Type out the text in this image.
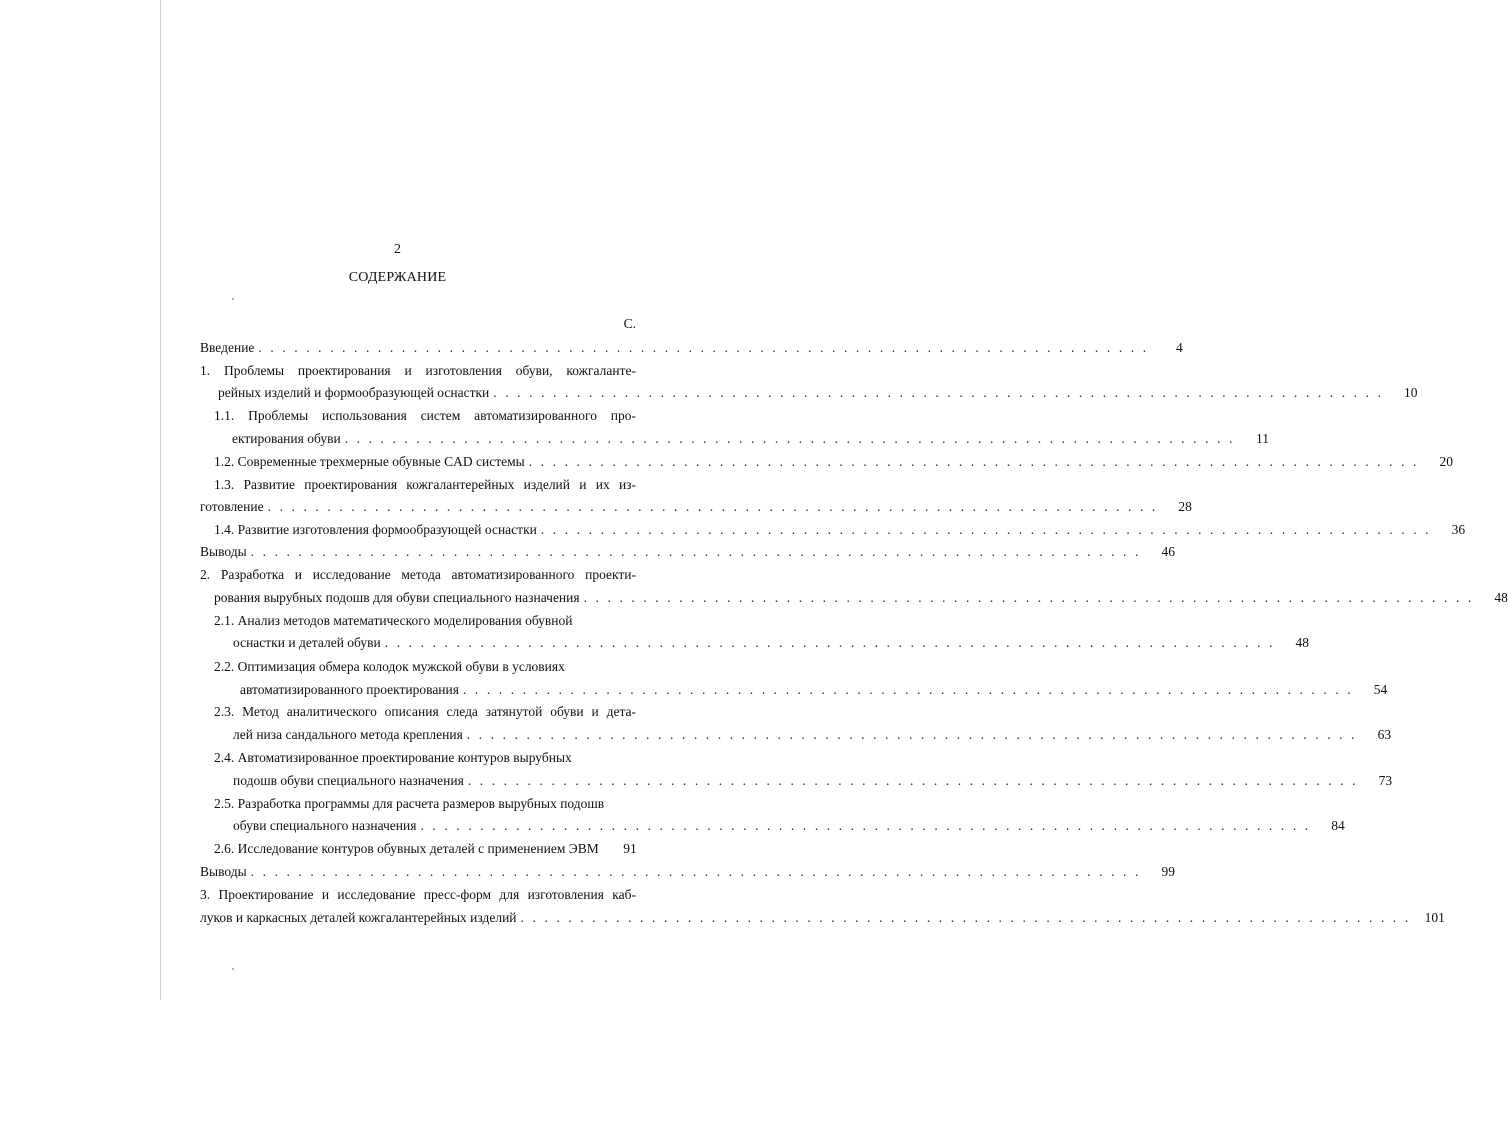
2
СОДЕРЖАНИЕ
С.
Введение . . . . . . . . . . . . . . . . . . . . . . . . . . . . . . . . . . . . . . . . . . . . . . . . . . . . . . . . . . . . . . . . . . . . . . . . . . .	4
1. Проблемы проектирования и изготовления обуви, кожгаланте-
рейных изделий и формообразующей оснастки . . . . . . . . . . . . . . . . . . . . . . . . . . . . . . . . . . . . . . . . . . . . . . . . . . . . . . . . . . . . . . . . . . . . . . . . . . .	10
1.1. Проблемы использования систем автоматизированного про-
ектирования обуви . . . . . . . . . . . . . . . . . . . . . . . . . . . . . . . . . . . . . . . . . . . . . . . . . . . . . . . . . . . . . . . . . . . . . . . . . . .	11
1.2. Современные трехмерные обувные CAD системы . . . . . . . . . . . . . . . . . . . . . . . . . . . . . . . . . . . . . . . . . . . . . . . . . . . . . . . . . . . . . . . . . . . . . . . . . . .	20
1.3. Развитие проектирования кожгалантерейных изделий и их из-
готовление . . . . . . . . . . . . . . . . . . . . . . . . . . . . . . . . . . . . . . . . . . . . . . . . . . . . . . . . . . . . . . . . . . . . . . . . . . .	28
1.4. Развитие изготовления формообразующей оснастки . . . . . . . . . . . . . . . . . . . . . . . . . . . . . . . . . . . . . . . . . . . . . . . . . . . . . . . . . . . . . . . . . . . . . . . . . . .	36
Выводы . . . . . . . . . . . . . . . . . . . . . . . . . . . . . . . . . . . . . . . . . . . . . . . . . . . . . . . . . . . . . . . . . . . . . . . . . . .	46
2. Разработка и исследование метода автоматизированного проекти-
рования вырубных подошв для обуви специального назначения . . . . . . . . . . . . . . . . . . . . . . . . . . . . . . . . . . . . . . . . . . . . . . . . . . . . . . . . . . . . . . . . . . . . . . . . . . .	48
2.1. Анализ методов математического моделирования обувной
оснастки и деталей обуви . . . . . . . . . . . . . . . . . . . . . . . . . . . . . . . . . . . . . . . . . . . . . . . . . . . . . . . . . . . . . . . . . . . . . . . . . . .	48
2.2. Оптимизация обмера колодок мужской обуви в условиях
автоматизированного проектирования . . . . . . . . . . . . . . . . . . . . . . . . . . . . . . . . . . . . . . . . . . . . . . . . . . . . . . . . . . . . . . . . . . . . . . . . . . .	54
2.3. Метод аналитического описания следа затянутой обуви и дета-
лей низа сандального метода крепления . . . . . . . . . . . . . . . . . . . . . . . . . . . . . . . . . . . . . . . . . . . . . . . . . . . . . . . . . . . . . . . . . . . . . . . . . . .	63
2.4. Автоматизированное проектирование контуров вырубных
подошв обуви специального назначения . . . . . . . . . . . . . . . . . . . . . . . . . . . . . . . . . . . . . . . . . . . . . . . . . . . . . . . . . . . . . . . . . . . . . . . . . . .	73
2.5. Разработка программы для расчета размеров вырубных подошв
обуви специального назначения . . . . . . . . . . . . . . . . . . . . . . . . . . . . . . . . . . . . . . . . . . . . . . . . . . . . . . . . . . . . . . . . . . . . . . . . . . .	84
2.6. Исследование контуров обувных деталей с применением ЭВМ	91
Выводы . . . . . . . . . . . . . . . . . . . . . . . . . . . . . . . . . . . . . . . . . . . . . . . . . . . . . . . . . . . . . . . . . . . . . . . . . . .	99
3. Проектирование и исследование пресс-форм для изготовления каб-
луков и каркасных деталей кожгалантерейных изделий . . . . . . . . . . . . . . . . . . . . . . . . . . . . . . . . . . . . . . . . . . . . . . . . . . . . . . . . . . . . . . . . . . . . . . . . . . .	101
